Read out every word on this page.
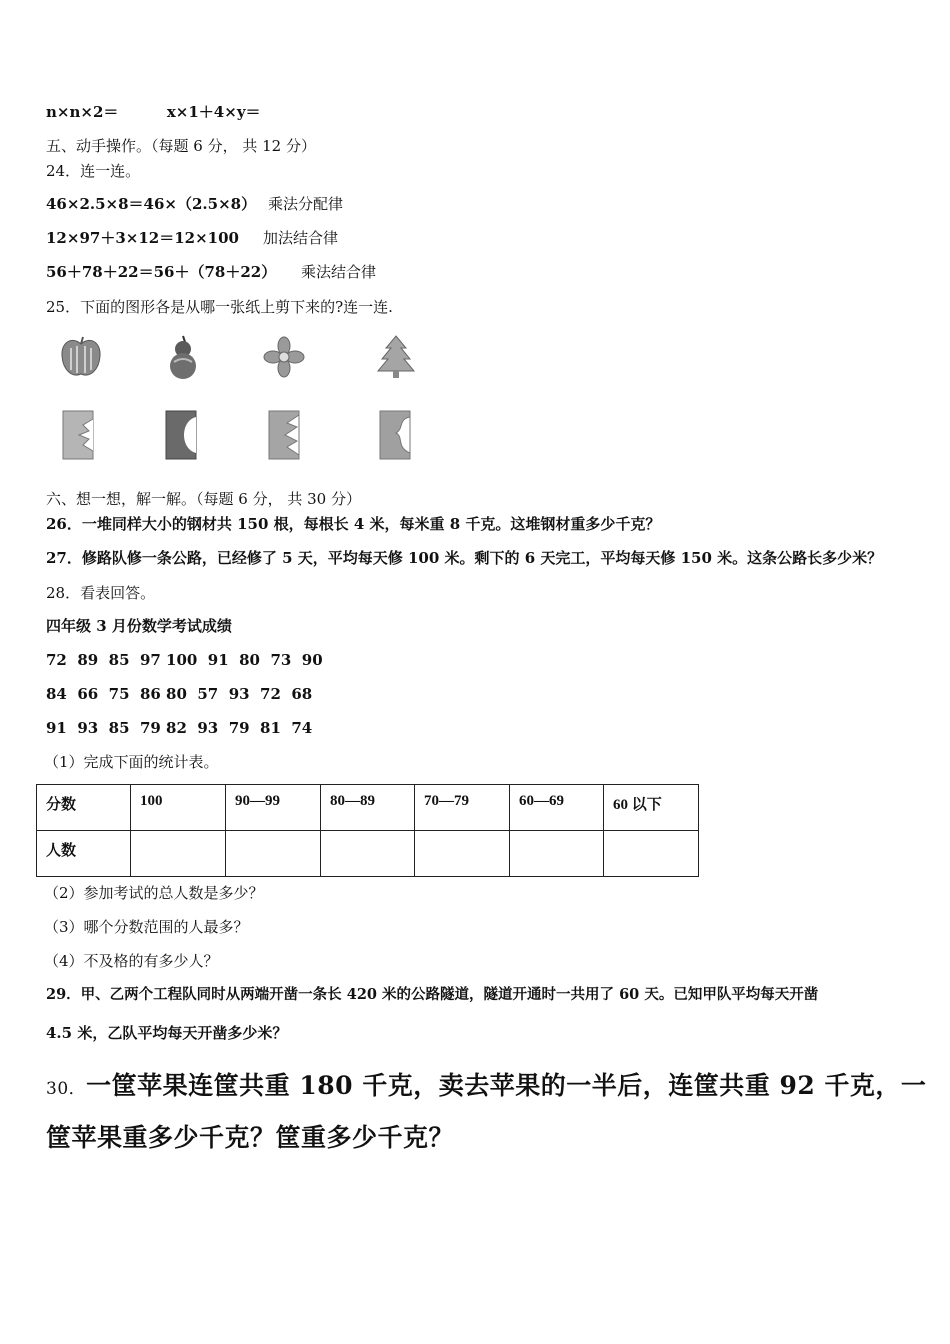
n×n×2＝	x×1＋4×y＝
五、动手操作。（每题 6 分， 共 12 分）
24．连一连。
46×2.5×8＝46×（2.5×8） 乘法分配律
12×97＋3×12＝12×100 加法结合律
56＋78＋22＝56＋（78＋22） 乘法结合律
25．下面的图形各是从哪一张纸上剪下来的?连一连.
六、想一想，解一解。（每题 6 分， 共 30 分）
26．一堆同样大小的钢材共 150 根，每根长 4 米，每米重 8 千克。这堆钢材重多少千克？
27．修路队修一条公路，已经修了 5 天，平均每天修 100 米。剩下的 6 天完工，平均每天修 150 米。这条公路长多少米？
28．看表回答。
四年级 3 月份数学考试成绩
72  89  85  97 100  91  80  73  90
84  66  75  86 80  57  93  72  68
91  93  85  79 82  93  79  81  74
（1）完成下面的统计表。
分数	100	90—99	80—89	70—79	60—69	60 以下
人数						
（2）参加考试的总人数是多少？
（3）哪个分数范围的人最多？
（4）不及格的有多少人？
29．甲、乙两个工程队同时从两端开凿一条长 420 米的公路隧道，隧道开通时一共用了 60 天。已知甲队平均每天开凿
4.5 米，乙队平均每天开凿多少米？
30．一筐苹果连筐共重 180 千克，卖去苹果的一半后，连筐共重 92 千克，一
筐苹果重多少千克？筐重多少千克？
